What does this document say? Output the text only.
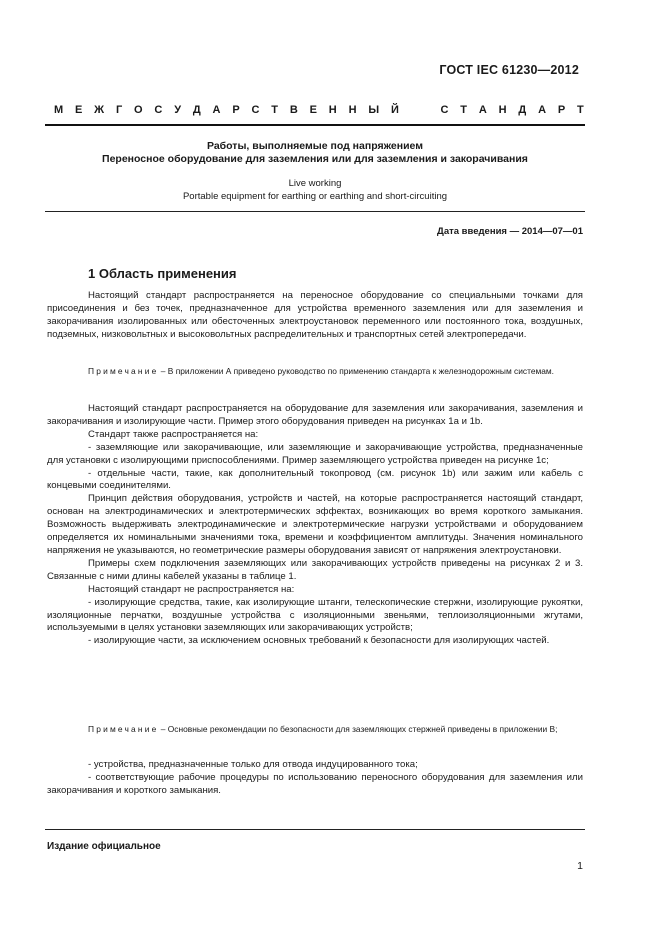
ГОСТ IEC 61230—2012
М Е Ж Г О С У Д А Р С Т В Е Н Н Ы Й

	С Т А Н Д А Р Т
Работы, выполняемые под напряжением
Переносное оборудование для заземления или для заземления и закорачивания
Live working
Portable equipment for earthing or earthing and short-circuiting
Дата введения — 2014—07—01
1 Область применения

Настоящий стандарт распространяется на переносное оборудование со специальными точками для присоединения и без точек, предназначенное для устройства временного заземления или для заземления и закорачивания изолированных или обесточенных электроустановок переменного или постоянного тока, воздушных, подземных, низковольтных и высоковольтных распределительных и транспортных сетей электропередачи.

Примечание – В приложении А приведено руководство по применению стандарта к железнодорожным системам.

Настоящий стандарт распространяется на оборудование для заземления или закорачивания, заземления и закорачивания и изолирующие части. Пример этого оборудования приведен на рисунках 1а и 1b.

Стандарт также распространяется на:

- заземляющие или закорачивающие, или заземляющие и закорачивающие устройства, предназначенные для установки с изолирующими приспособлениями. Пример заземляющего устройства приведен на рисунке 1с;

- отдельные части, такие, как дополнительный токопровод (см. рисунок 1b) или зажим или кабель с концевыми соединителями.

Принцип действия оборудования, устройств и частей, на которые распространяется настоящий стандарт, основан на электродинамических и электротермических эффектах, возникающих во время короткого замыкания. Возможность выдерживать электродинамические и электротермические нагрузки устройствами и оборудованием определяется их номинальными значениями тока, времени и коэффициентом амплитуды. Значения номинального напряжения не указываются, но геометрические размеры оборудования зависят от напряжения электроустановки.

Примеры схем подключения заземляющих или закорачивающих устройств приведены на рисунках 2 и 3. Связанные с ними длины кабелей указаны в таблице 1.

Настоящий стандарт не распространяется на:

- изолирующие средства, такие, как изолирующие штанги, телескопические стержни, изолирующие рукоятки, изоляционные перчатки, воздушные устройства с изоляционными звеньями, теплоизоляционными жгутами, используемыми в целях установки заземляющих или закорачивающих устройств;

- изолирующие части, за исключением основных требований к безопасности для изолирующих частей.

Примечание – Основные рекомендации по безопасности для заземляющих стержней приведены в приложении В;

- устройства, предназначенные только для отвода индуцированного тока;

- соответствующие рабочие процедуры по использованию переносного оборудования для заземления или закорачивания и короткого замыкания.

Издание официальное
1
